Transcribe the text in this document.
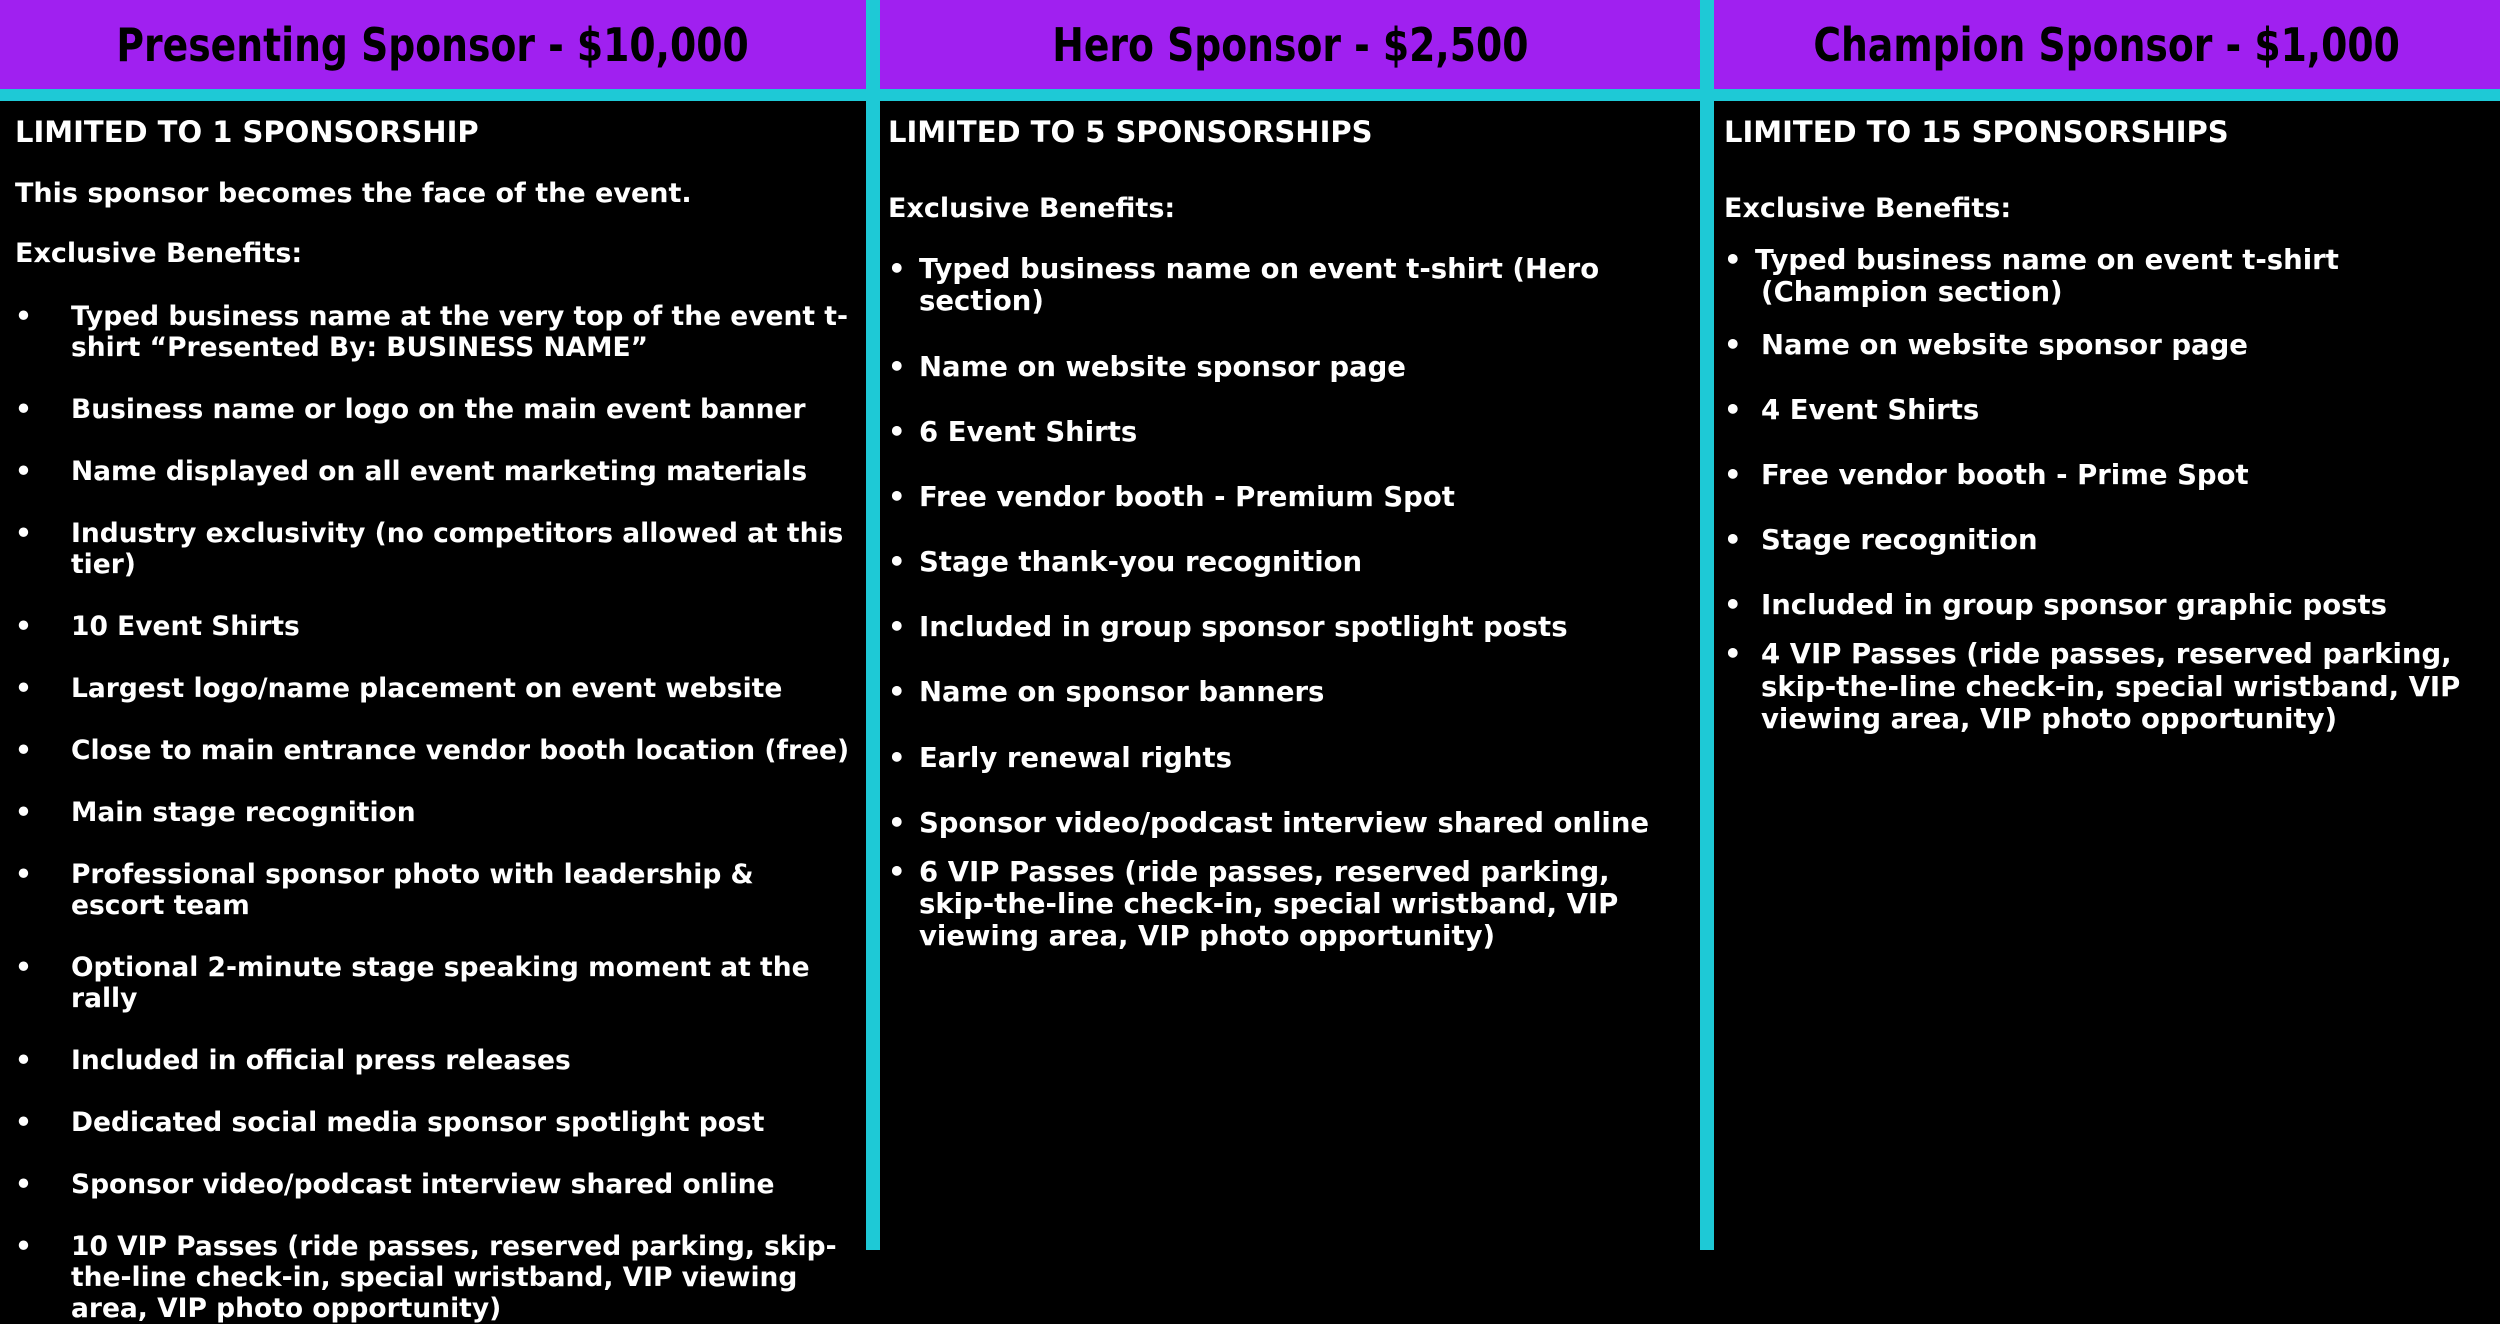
Presenting Sponsor - $10,000	Hero Sponsor - $2,500	Champion Sponsor - $1,000

LIMITED TO 1 SPONSORSHIP

This sponsor becomes the face of the event.

Exclusive Benefits:

• Typed business name at the very top of the event t-shirt “Presented By: BUSINESS NAME”
• Business name or logo on the main event banner
• Name displayed on all event marketing materials
• Industry exclusivity (no competitors allowed at this tier)
• 10 Event Shirts
• Largest logo/name placement on event website
• Close to main entrance vendor booth location (free)
• Main stage recognition
• Professional sponsor photo with leadership & escort team
• Optional 2-minute stage speaking moment at the rally
• Included in official press releases
• Dedicated social media sponsor spotlight post
• Sponsor video/podcast interview shared online
• 10 VIP Passes (ride passes, reserved parking, skip-the-line check-in, special wristband, VIP viewing area, VIP photo opportunity)

LIMITED TO 5 SPONSORSHIPS

Exclusive Benefits:

• Typed business name on event t-shirt (Hero section)
• Name on website sponsor page
• 6 Event Shirts
• Free vendor booth - Premium Spot
• Stage thank-you recognition
• Included in group sponsor spotlight posts
• Name on sponsor banners
• Early renewal rights
• Sponsor video/podcast interview shared online
• 6 VIP Passes (ride passes, reserved parking, skip-the-line check-in, special wristband, VIP viewing area, VIP photo opportunity)

LIMITED TO 15 SPONSORSHIPS

Exclusive Benefits:

• Typed business name on event t-shirt (Champion section)
• Name on website sponsor page
• 4 Event Shirts
• Free vendor booth - Prime Spot
• Stage recognition
• Included in group sponsor graphic posts
• 4 VIP Passes (ride passes, reserved parking, skip-the-line check-in, special wristband, VIP viewing area, VIP photo opportunity)
